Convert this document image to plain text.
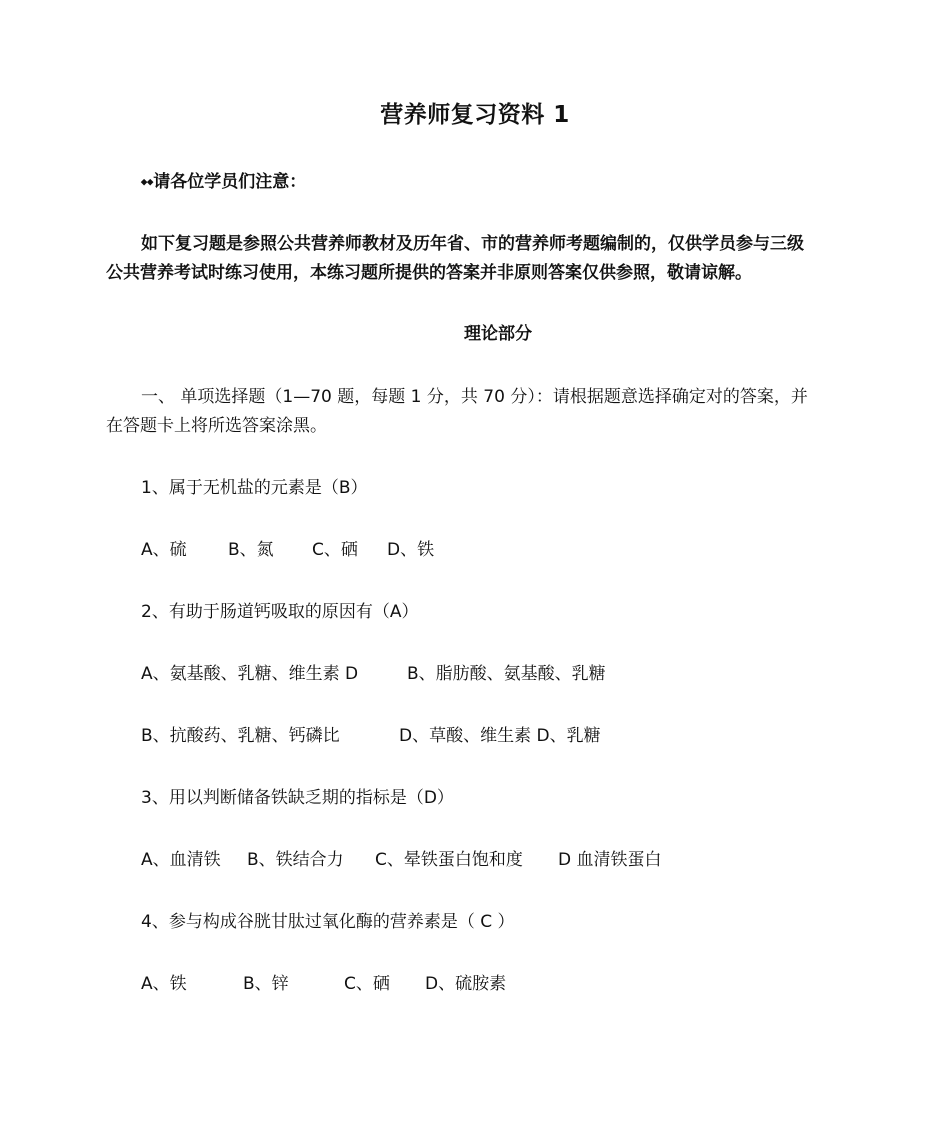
营养师复习资料 1
⬩⬩请各位学员们注意：
如下复习题是参照公共营养师教材及历年省、市的营养师考题编制的，仅供学员参与三级
公共营养考试时练习使用，本练习题所提供的答案并非原则答案仅供参照，敬请谅解。
理论部分
一、 单项选择题（1—70 题，每题 1 分，共 70 分）：请根据题意选择确定对的答案，并
在答题卡上将所选答案涂黑。
1、属于无机盐的元素是（B）
A、硫	B、氮	C、硒	D、铁
2、有助于肠道钙吸取的原因有（A）
A、氨基酸、乳糖、维生素 D	B、脂肪酸、氨基酸、乳糖
B、抗酸药、乳糖、钙磷比	D、草酸、维生素 D、乳糖
3、用以判断储备铁缺乏期的指标是（D）
A、血清铁	B、铁结合力	C、晕铁蛋白饱和度	D 血清铁蛋白
4、参与构成谷胱甘肽过氧化酶的营养素是（ C ）
A、铁	B、锌	C、硒	D、硫胺素
